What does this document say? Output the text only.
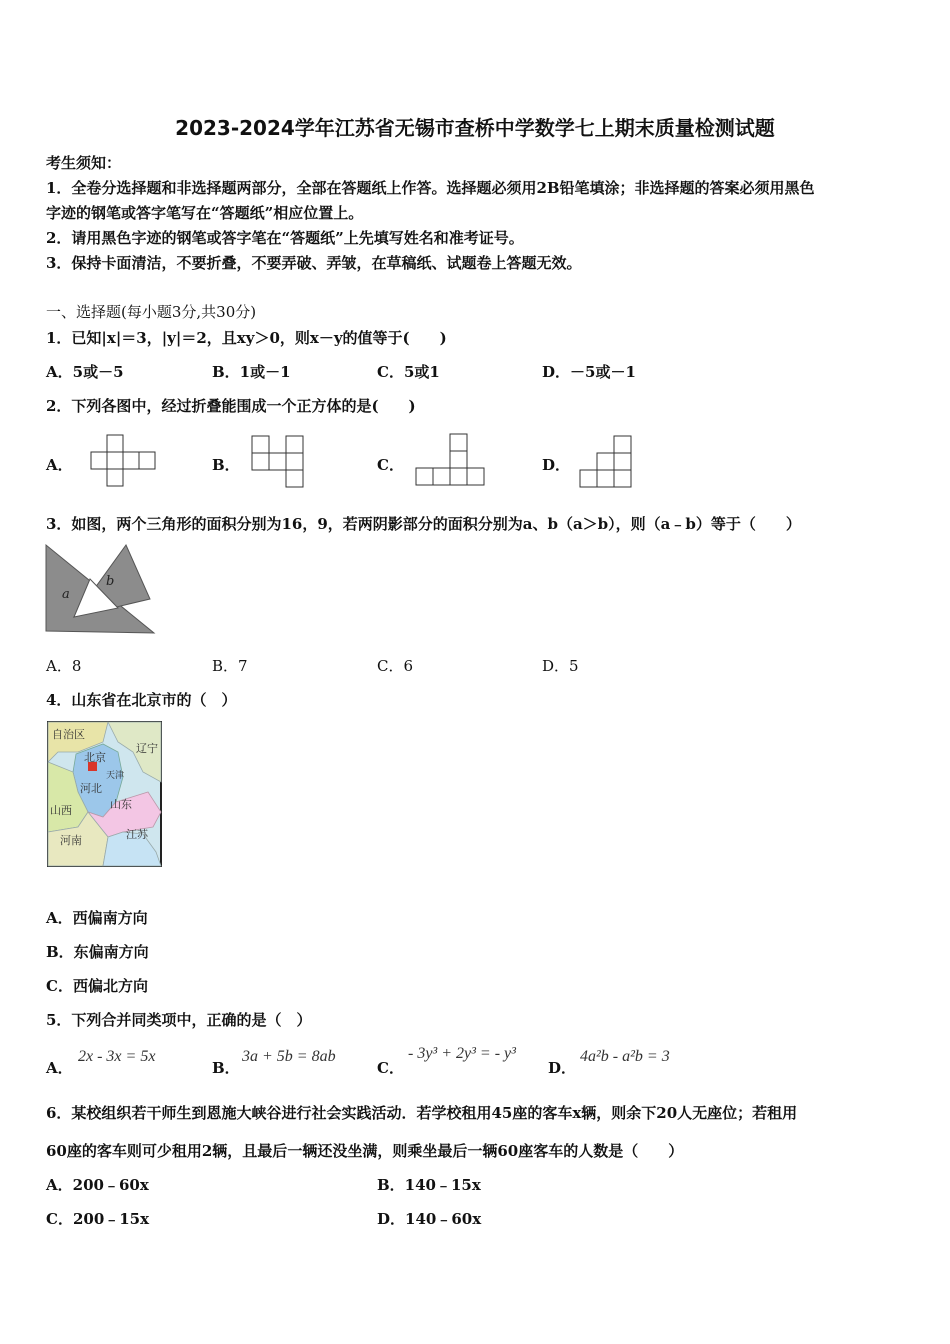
2023-2024学年江苏省无锡市查桥中学数学七上期末质量检测试题
考生须知：
1．全卷分选择题和非选择题两部分，全部在答题纸上作答。选择题必须用2B铅笔填涂；非选择题的答案必须用黑色
字迹的钢笔或答字笔写在“答题纸”相应位置上。
2．请用黑色字迹的钢笔或答字笔在“答题纸”上先填写姓名和准考证号。
3．保持卡面清洁，不要折叠，不要弄破、弄皱，在草稿纸、试题卷上答题无效。
一、选择题(每小题3分,共30分)
1．已知|x|＝3，|y|＝2，且xy＞0，则x－y的值等于(　　)
A．5或－5	B．1或－1	C．5或1	D．－5或－1
2．下列各图中，经过折叠能围成一个正方体的是(　　)
A．	B．	C．	D．
3．如图，两个三角形的面积分别为16，9，若两阴影部分的面积分别为a、b（a＞b），则（a﹣b）等于（　　）
a
b
A．8	B．7	C．6	D．5
4．山东省在北京市的（　）
自治区
辽宁
北京
天津
河北
山东
山西
河南	江苏
A．西偏南方向
B．东偏南方向
C．西偏北方向
5．下列合并同类项中，正确的是（　）
A．
2x - 3x = 5x
B．
3a + 5b = 8ab
C．
- 3y³ + 2y³ = - y³
D．
4a²b - a²b = 3
6．某校组织若干师生到恩施大峡谷进行社会实践活动．若学校租用45座的客车x辆，则余下20人无座位；若租用
60座的客车则可少租用2辆，且最后一辆还没坐满，则乘坐最后一辆60座客车的人数是（　　）
A．200﹣60x	B．140﹣15x
C．200﹣15x	D．140﹣60x
